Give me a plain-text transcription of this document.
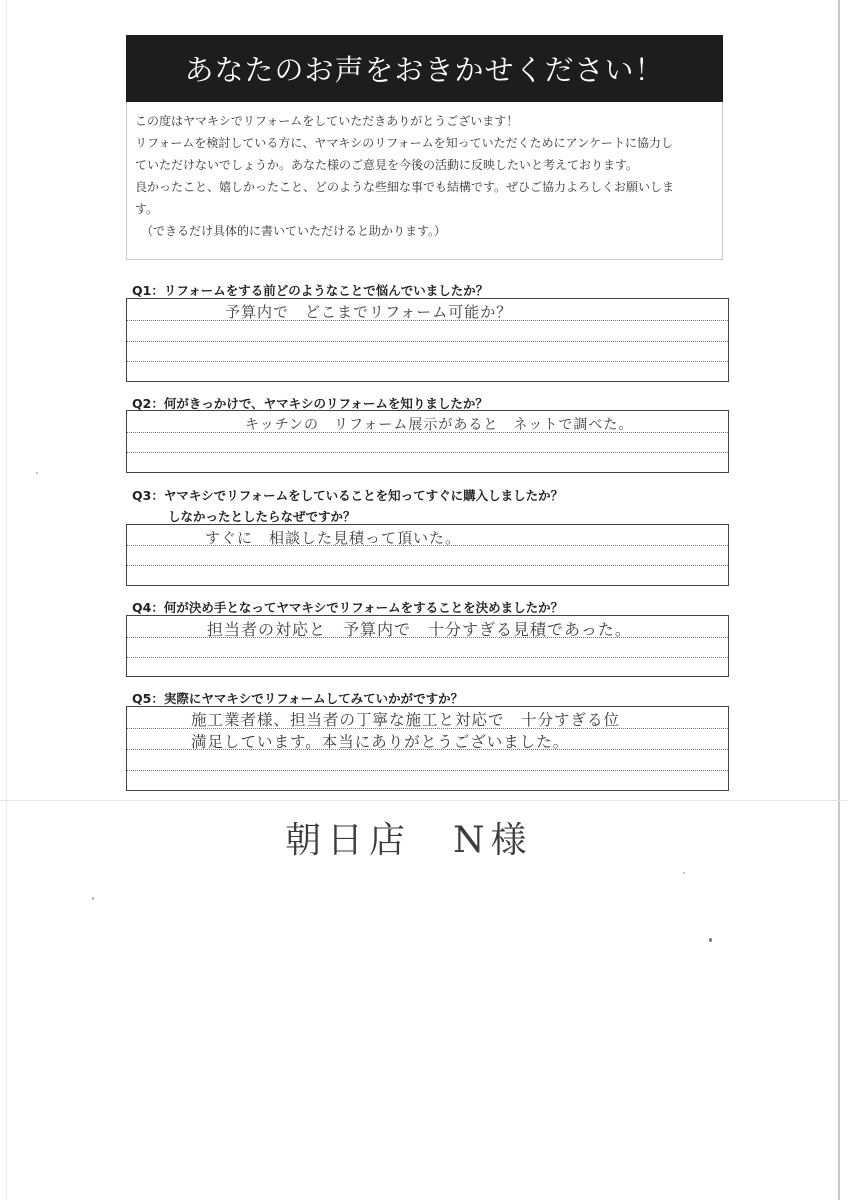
あなたのお声をおきかせください！

この度はヤマキシでリフォームをしていただきありがとうございます！

リフォームを検討している方に、ヤマキシのリフォームを知っていただくためにアンケートに協力し

ていただけないでしょうか。あなた様のご意見を今後の活動に反映したいと考えております。

良かったこと、嬉しかったこと、どのような些細な事でも結構です。ぜひご協力よろしくお願いしま

す。

（できるだけ具体的に書いていただけると助かります。）

Q1：リフォームをする前どのようなことで悩んでいましたか？
予算内で　どこまでリフォーム可能か？
Q2：何がきっかけで、ヤマキシのリフォームを知りましたか？
キッチンの　リフォーム展示があると　ネットで調べた。
Q3：ヤマキシでリフォームをしていることを知ってすぐに購入しましたか？
しなかったとしたらなぜですか？
すぐに　相談した見積って頂いた。
Q4：何が決め手となってヤマキシでリフォームをすることを決めましたか？
担当者の対応と　予算内で　十分すぎる見積であった。
Q5：実際にヤマキシでリフォームしてみていかがですか？
施工業者様、担当者の丁寧な施工と対応で　十分すぎる位
満足しています。本当にありがとうございました。
朝日店　N様
